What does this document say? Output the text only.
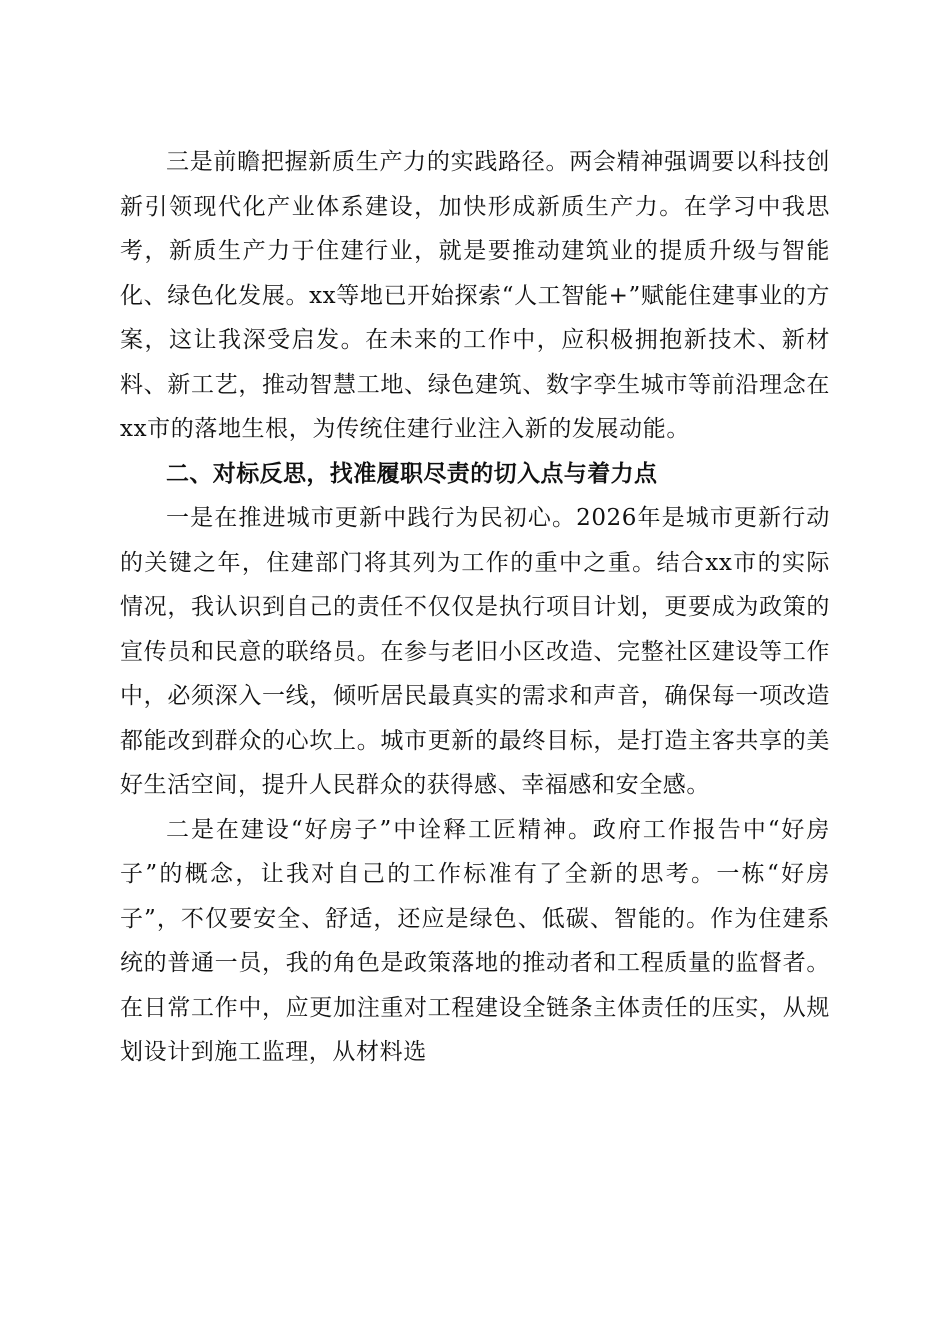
三是前瞻把握新质生产力的实践路径。两会精神强调要以科技创新引领现代化产业体系建设，加快形成新质生产力。在学习中我思考，新质生产力于住建行业，就是要推动建筑业的提质升级与智能化、绿色化发展。xx等地已开始探索“人工智能+”赋能住建事业的方案，这让我深受启发。在未来的工作中，应积极拥抱新技术、新材料、新工艺，推动智慧工地、绿色建筑、数字孪生城市等前沿理念在xx市的落地生根，为传统住建行业注入新的发展动能。

二、对标反思，找准履职尽责的切入点与着力点

一是在推进城市更新中践行为民初心。2026年是城市更新行动的关键之年，住建部门将其列为工作的重中之重。结合xx市的实际情况，我认识到自己的责任不仅仅是执行项目计划，更要成为政策的宣传员和民意的联络员。在参与老旧小区改造、完整社区建设等工作中，必须深入一线，倾听居民最真实的需求和声音，确保每一项改造都能改到群众的心坎上。城市更新的最终目标，是打造主客共享的美好生活空间，提升人民群众的获得感、幸福感和安全感。

二是在建设“好房子”中诠释工匠精神。政府工作报告中“好房子”的概念，让我对自己的工作标准有了全新的思考。一栋“好房子”，不仅要安全、舒适，还应是绿色、低碳、智能的。作为住建系统的普通一员，我的角色是政策落地的推动者和工程质量的监督者。在日常工作中，应更加注重对工程建设全链条主体责任的压实，从规划设计到施工监理，从材料选
